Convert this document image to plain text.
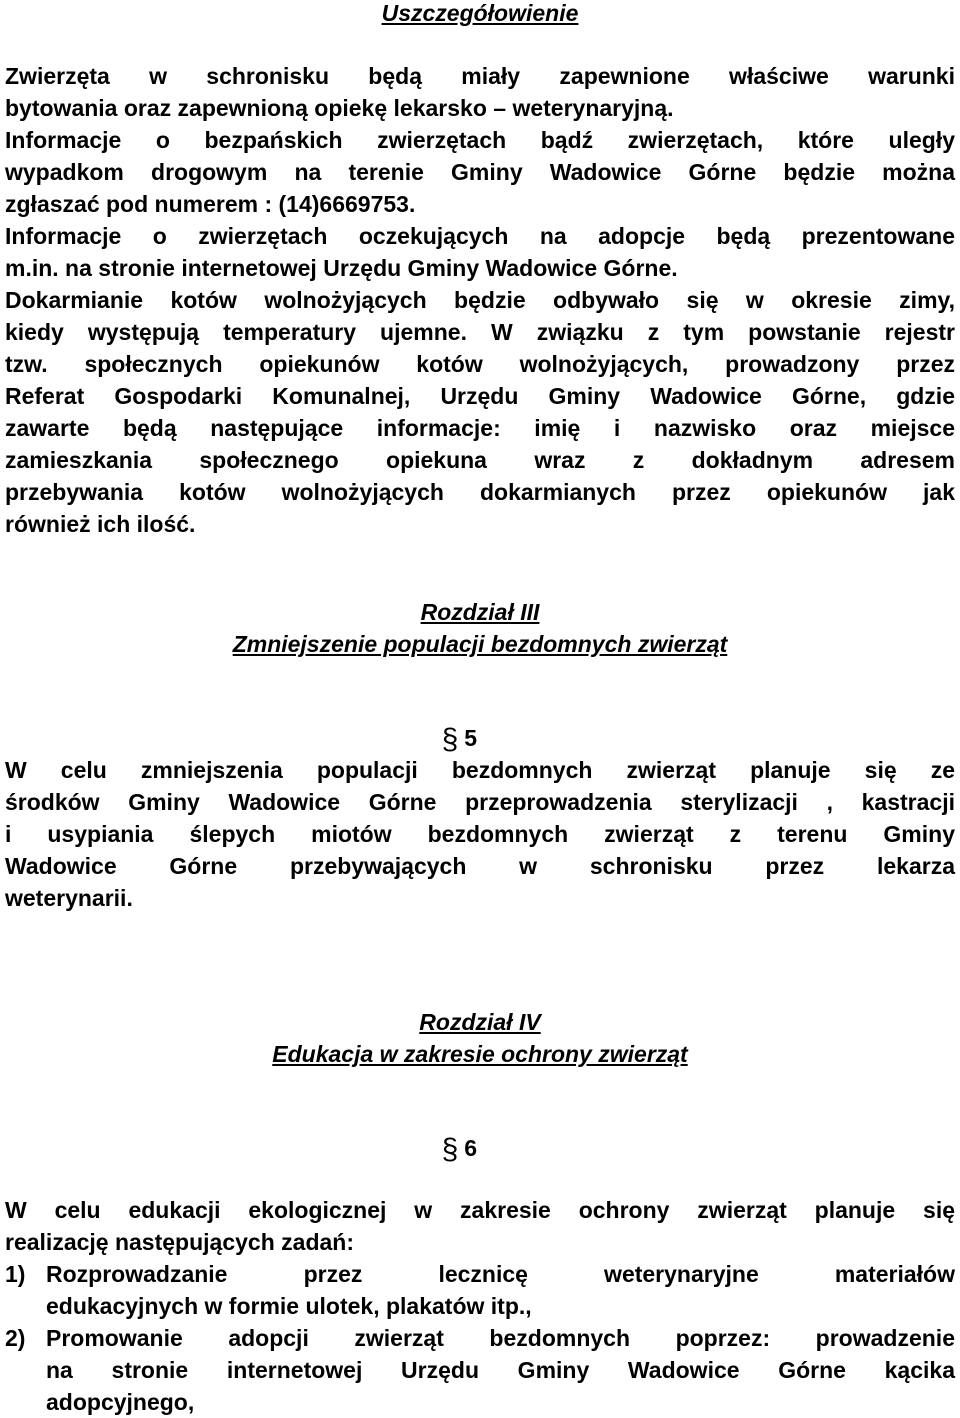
Uszczegółowienie
Zwierzęta w schronisku będą miały zapewnione właściwe warunki
bytowania oraz zapewnioną opiekę lekarsko – weterynaryjną.
Informacje o bezpańskich zwierzętach bądź zwierzętach, które uległy
wypadkom drogowym na terenie Gminy Wadowice Górne będzie można
zgłaszać pod numerem : (14)6669753.
Informacje o zwierzętach oczekujących na adopcje będą prezentowane
m.in. na stronie internetowej Urzędu Gminy Wadowice Górne.
Dokarmianie kotów wolnożyjących będzie odbywało się w okresie zimy,
kiedy występują temperatury ujemne. W związku z tym powstanie rejestr
tzw. społecznych opiekunów kotów wolnożyjących, prowadzony przez
Referat Gospodarki Komunalnej, Urzędu Gminy Wadowice Górne, gdzie
zawarte będą następujące informacje: imię i nazwisko oraz miejsce
zamieszkania społecznego opiekuna wraz z dokładnym adresem
przebywania kotów wolnożyjących dokarmianych przez opiekunów jak
również ich ilość.
Rozdział III
Zmniejszenie populacji bezdomnych zwierząt

§ 5

W celu zmniejszenia populacji bezdomnych zwierząt planuje się ze
środków Gminy Wadowice Górne przeprowadzenia sterylizacji , kastracji
i usypiania ślepych miotów bezdomnych zwierząt z terenu Gminy
Wadowice Górne przebywających w schronisku przez lekarza
weterynarii.
Rozdział IV
Edukacja w zakresie ochrony zwierząt

§ 6

W celu edukacji ekologicznej w zakresie ochrony zwierząt planuje się
realizację następujących zadań:
1) Rozprowadzanie przez lecznicę weterynaryjne materiałów
edukacyjnych w formie ulotek, plakatów itp.,
2) Promowanie adopcji zwierząt bezdomnych poprzez: prowadzenie
na stronie internetowej Urzędu Gminy Wadowice Górne kącika
adopcyjnego,
